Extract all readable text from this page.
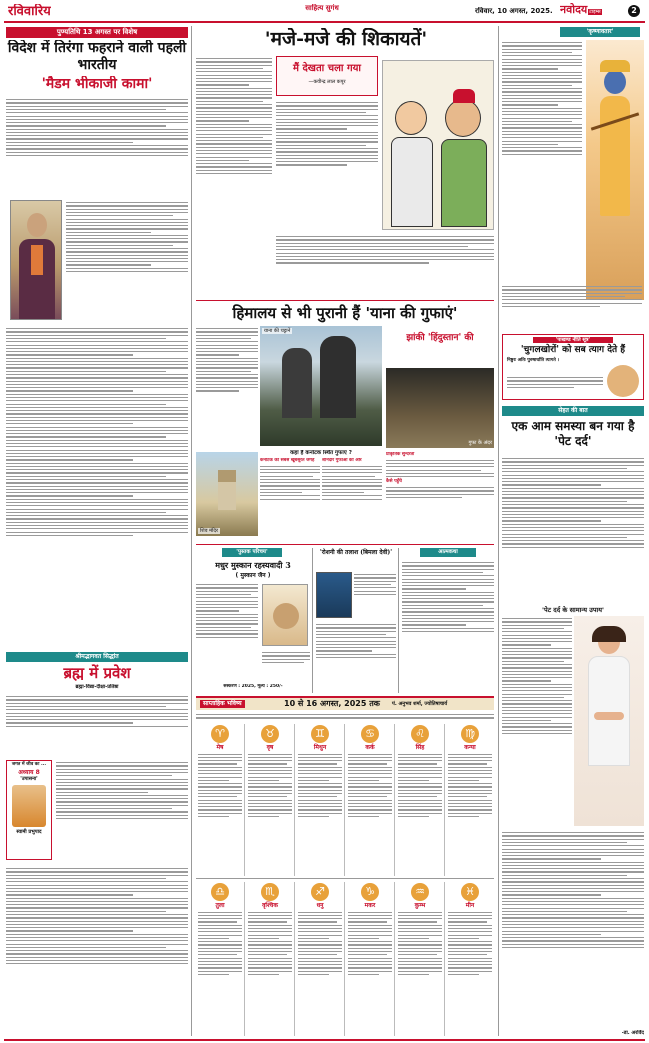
रविवारिय	साहित्य सुगंध	रविवार, 10 अगस्त, 2025. नवोदय टाइम्स	2
पुण्यतिथि 13 अगस्त पर विशेष
विदेश में तिरंगा फहराने वाली पहली भारतीय
'मैडम भीकाजी कामा'
श्रीमद्भागवत सिद्धांत
ब्रह्म में प्रवेश
ब्रह्मा-विद्या-दीक्षा-प्रतिष्ठा
जगत में जीव का ...
अध्याय 8
'उपासना'
स्वामी प्रभुपाद
'मजे-मजे की शिकायतें'
मैं देखता चला गया
—कवीन्द्र लाल कपूर
'कृष्णावतार'
'पाखण्ड नीति सूत्र'
'चुगलखोरों' को सब त्याग देते हैं
निष्ठुरः अतिः पुरुषार्थाति त्यागते ।
सेहत की बात
एक आम समस्या बन गया है 'पेट दर्द'
'पेट दर्द के सामान्य उपाय'
-डा. अरविंद
हिमालय से भी पुरानी हैं 'याना की गुफाएं'
याना की चट्टानें
झांकी 'हिंदुस्तान' की
गुफा के अंदर
कहां है कर्नाटक स्थित गुफाएं ?
शिव मंदिर
कर्नाटक की सबसे खूबसूरत जगहें	शानदार गुफाओं की ओर
प्राकृतिक सुन्दरता
कैसे पहुँचे
'पुस्तक परिचय'
मधुर मुस्कान रहस्यवादी 3
( मुस्कान जैन )
संस्करण : 2025, मूल्य : 250/-
'रोशनी की तलाश (बिमला देवी)'	आत्मकथा
साप्ताहिक भविष्य	10 से 16 अगस्त, 2025 तक पं. अनुभव शर्मा, ज्योतिषाचार्य
♈
मेष
♉
वृष
♊
मिथुन
♋
कर्क
♌
सिंह
♍
कन्या
♎
तुला
♏
वृश्चिक
♐
धनु
♑
मकर
♒
कुम्भ
♓
मीन
